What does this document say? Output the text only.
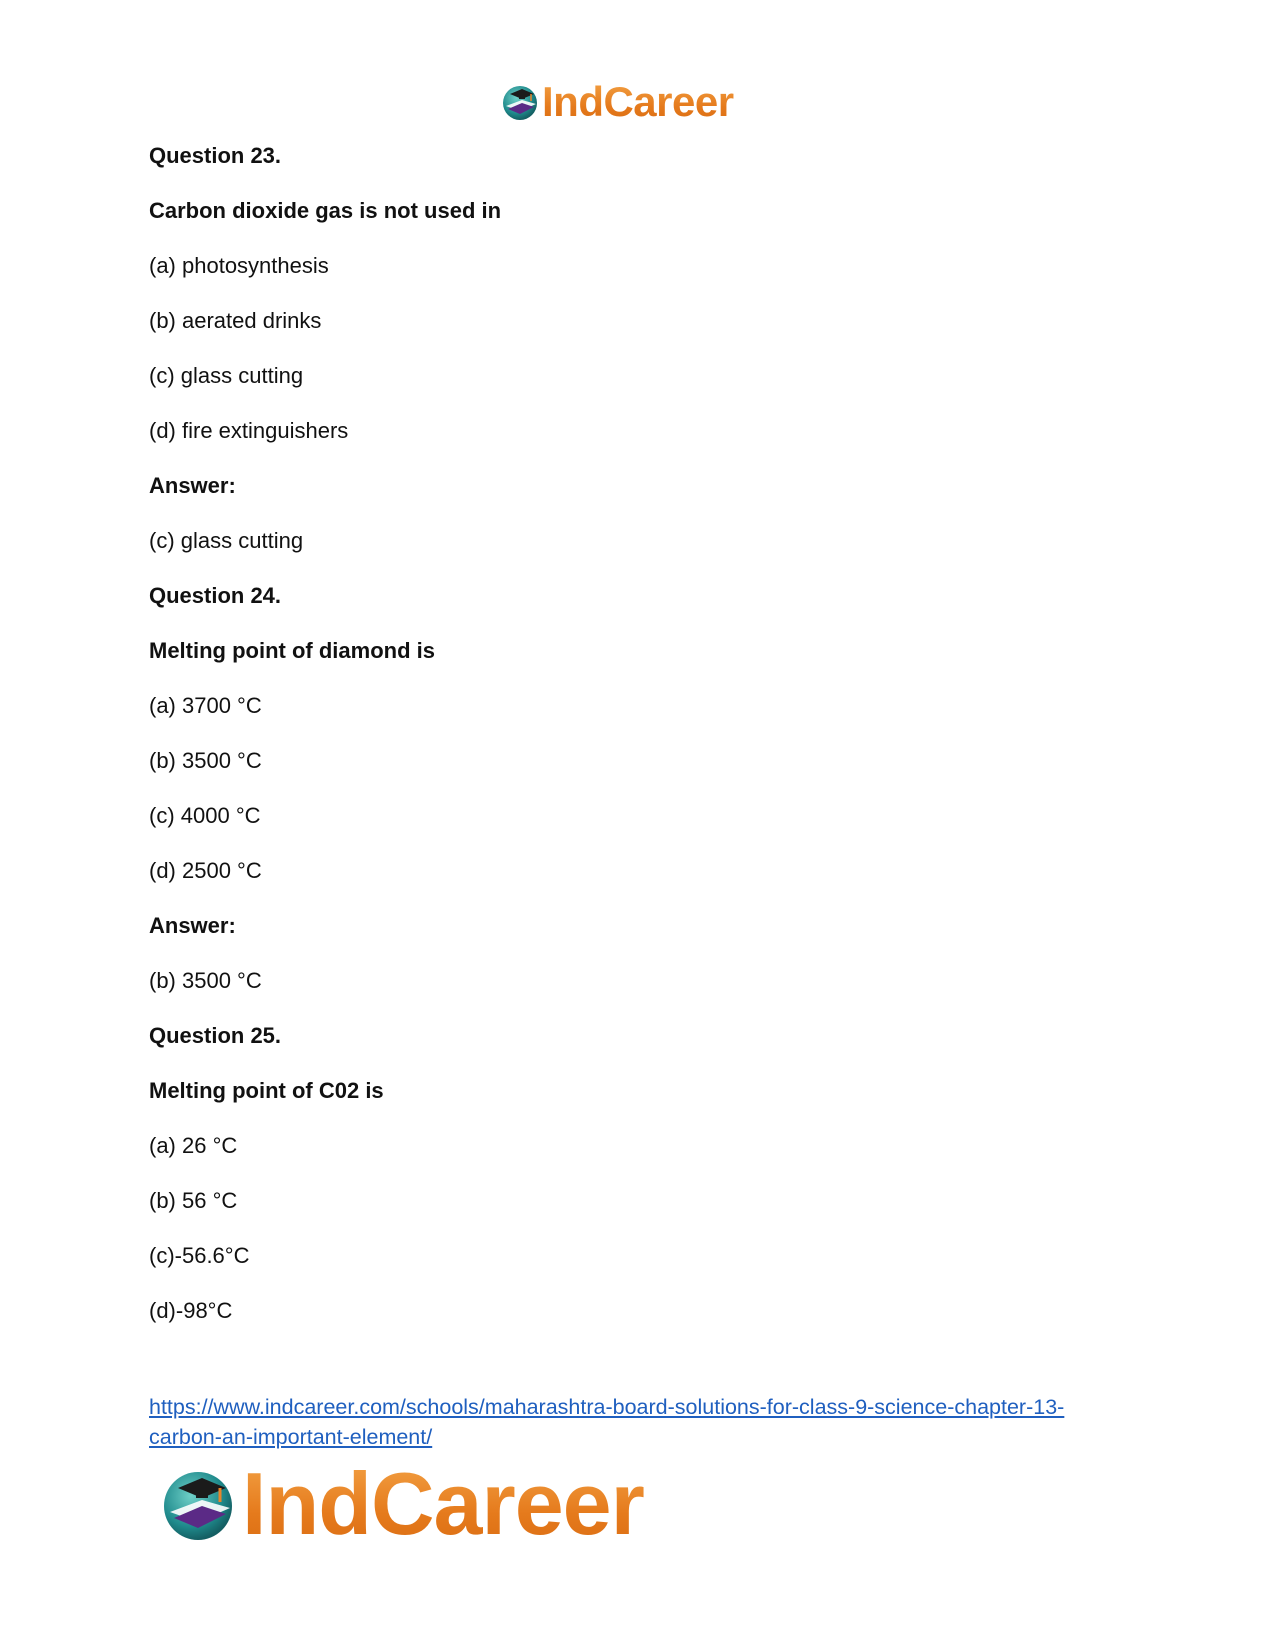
IndCareer
Question 23.
Carbon dioxide gas is not used in
(a) photosynthesis
(b) aerated drinks
(c) glass cutting
(d) fire extinguishers
Answer:
(c) glass cutting
Question 24.
Melting point of diamond is
(a) 3700 °C
(b) 3500 °C
(c) 4000 °C
(d) 2500 °C
Answer:
(b) 3500 °C
Question 25.
Melting point of C02 is
(a) 26 °C
(b) 56 °C
(c)-56.6°C
(d)-98°C
https://www.indcareer.com/schools/maharashtra-board-solutions-for-class-9-science-chapter-13-
carbon-an-important-element/
IndCareer
